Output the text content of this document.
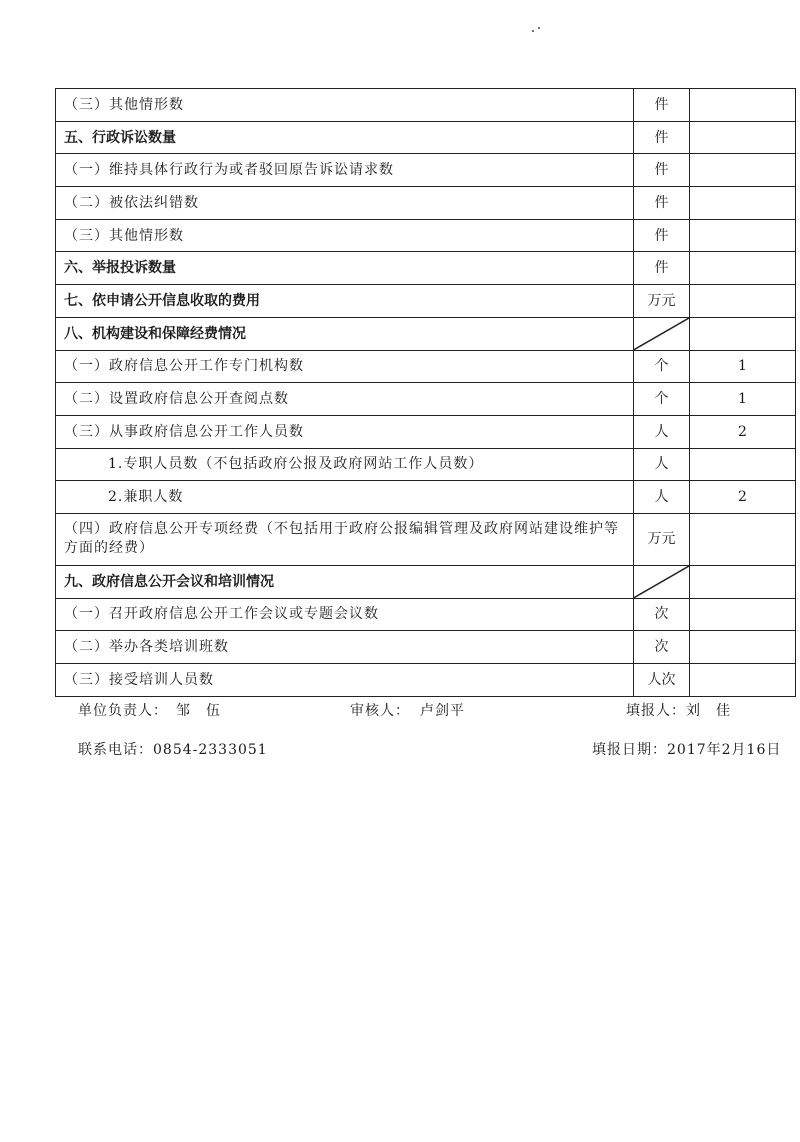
（三）其他情形数	件	
五、行政诉讼数量	件	
（一）维持具体行政行为或者驳回原告诉讼请求数	件	
（二）被依法纠错数	件	
（三）其他情形数	件	
六、举报投诉数量	件	
七、依申请公开信息收取的费用	万元	
八、机构建设和保障经费情况	

（一）政府信息公开工作专门机构数	个	1
（二）设置政府信息公开查阅点数	个	1
（三）从事政府信息公开工作人员数	人	2
1.专职人员数（不包括政府公报及政府网站工作人员数）	人	
2.兼职人数	人	2
（四）政府信息公开专项经费（不包括用于政府公报编辑管理及政府网站建设维护等方面的经费）	万元	
九、政府信息公开会议和培训情况	

（一）召开政府信息公开工作会议或专题会议数	次	
（二）举办各类培训班数	次	
（三）接受培训人员数	人次	
单位负责人： 邹　伍	审核人： 卢剑平	填报人：刘　佳
联系电话：0854-2333051	填报日期：2017年2月16日
